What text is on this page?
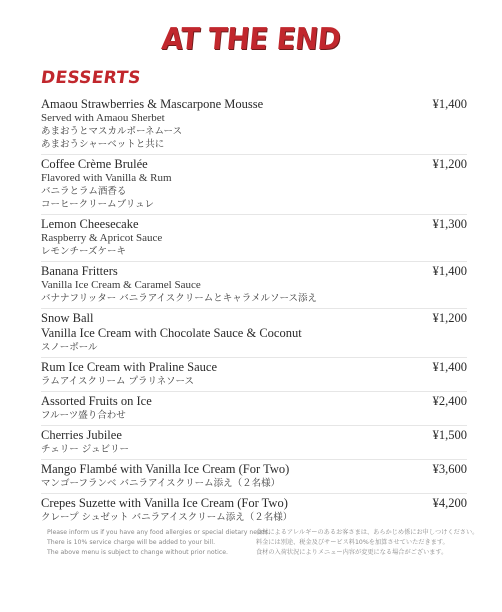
AT THE END
DESSERTS
Amaou Strawberries & Mascarpone Mousse
Served with Amaou Sherbet
あまおうとマスカルポーネムース
あまおうシャーベットと共に
¥1,400
Coffee Crème Brulée
Flavored with Vanilla & Rum
バニラとラム酒香る
コーヒークリームブリュレ
¥1,200
Lemon Cheesecake
Raspberry & Apricot Sauce
レモンチーズケーキ
¥1,300
Banana Fritters
Vanilla Ice Cream & Caramel Sauce
バナナフリッター バニラアイスクリームとキャラメルソース添え
¥1,400
Snow Ball
Vanilla Ice Cream with Chocolate Sauce & Coconut
スノーボール
¥1,200
Rum Ice Cream with Praline Sauce
ラムアイスクリーム プラリネソース
¥1,400
Assorted Fruits on Ice
フルーツ盛り合わせ
¥2,400
Cherries Jubilee
チェリー ジュビリー
¥1,500
Mango Flambé with Vanilla Ice Cream (For Two)
マンゴーフランベ バニラアイスクリーム添え（２名様）
¥3,600
Crepes Suzette with Vanilla Ice Cream (For Two)
クレープ シュゼット バニラアイスクリーム添え（２名様）
¥4,200
Please inform us if you have any food allergies or special dietary needs.
There is 10% service charge will be added to your bill.
The above menu is subject to change without prior notice.
食材によるアレルギーのあるお客さまは、あらかじめ係にお申しつけください。
料金には別途、税金及びサービス料10%を加算させていただきます。
食材の入荷状況によりメニュー内容が変更になる場合がございます。
